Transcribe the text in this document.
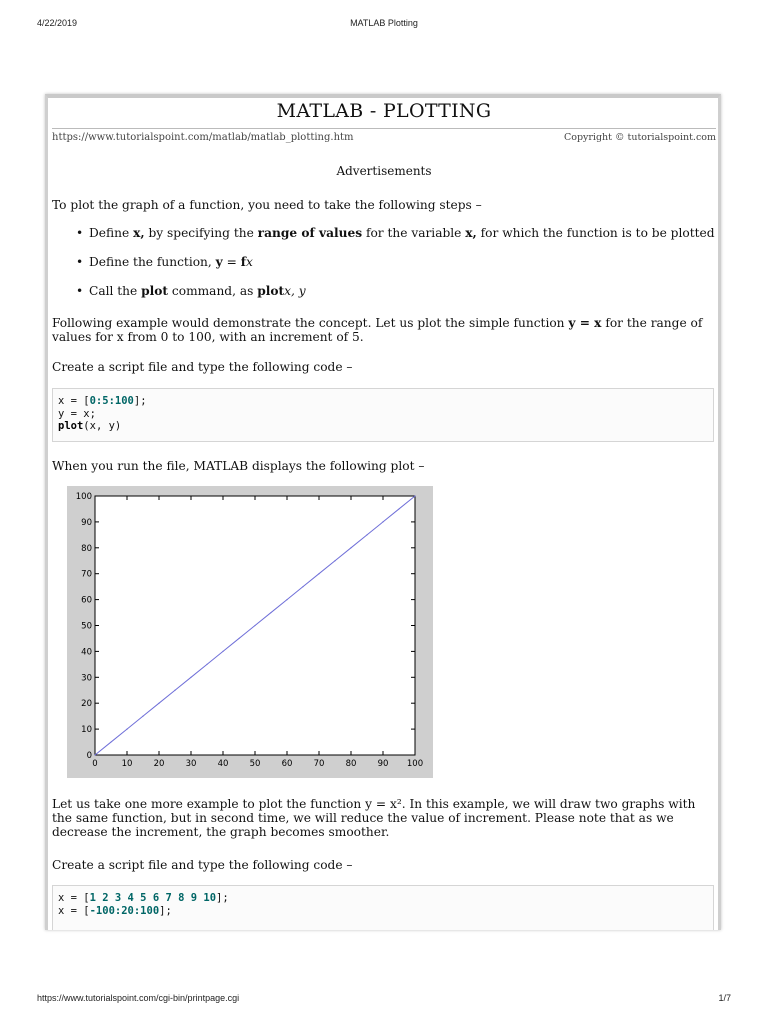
4/22/2019	MATLAB Plotting
MATLAB - PLOTTING
https://www.tutorialspoint.com/matlab/matlab_plotting.htm	Copyright © tutorialspoint.com
Advertisements

To plot the graph of a function, you need to take the following steps –

• Define x, by specifying the range of values for the variable x, for which the function is to be plotted
• Define the function, y = fx
• Call the plot command, as plotx, y

Following example would demonstrate the concept. Let us plot the simple function y = x for the range of values for x from 0 to 100, with an increment of 5.

Create a script file and type the following code –

x = [0:5:100];
y = x;
plot(x, y)

When you run the file, MATLAB displays the following plot –

0	10 20 30 40 50 60 70 80 90 100
0
10
20
30
40
50
60
70
80
90
100

Let us take one more example to plot the function y = x². In this example, we will draw two graphs with the same function, but in second time, we will reduce the value of increment. Please note that as we decrease the increment, the graph becomes smoother.

Create a script file and type the following code –

x = [1 2 3 4 5 6 7 8 9 10];
x = [-100:20:100];
https://www.tutorialspoint.com/cgi-bin/printpage.cgi	1/7
